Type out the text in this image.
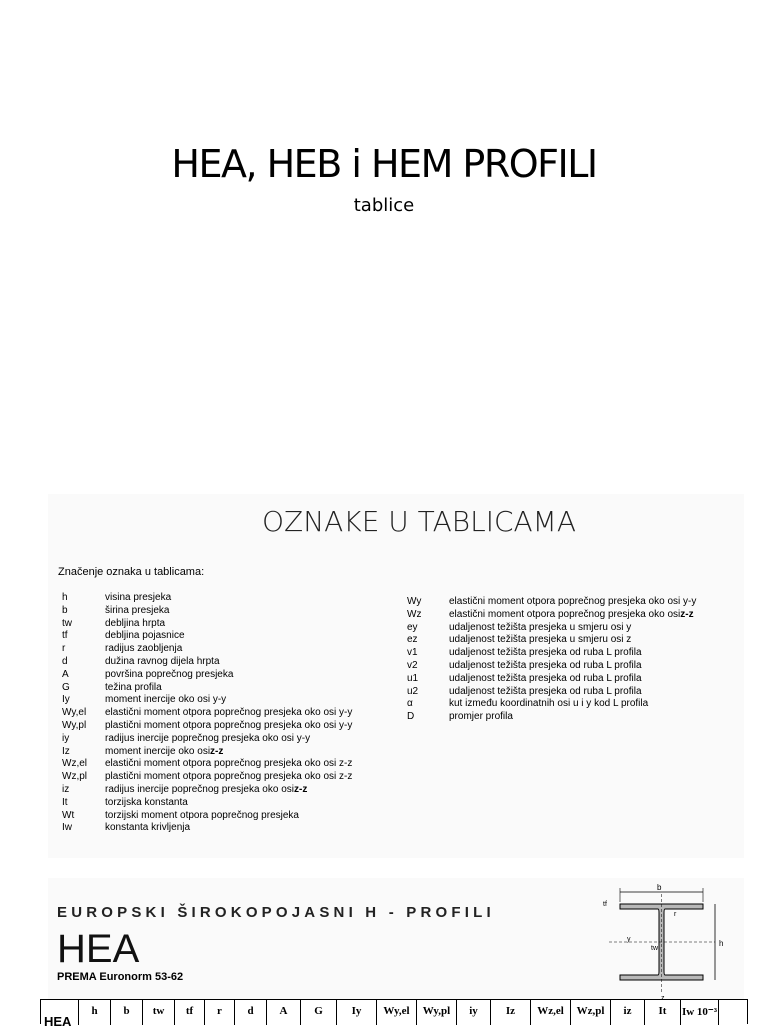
HEA, HEB i HEM PROFILI
tablice
OZNAKE U TABLICAMA
Značenje oznaka u tablicama:
h	visina presjeka
b	širina presjeka
tw	debljina hrpta
tf	debljina pojasnice
r	radijus zaobljenja
d	dužina ravnog dijela hrpta
A	površina poprečnog presjeka
G	težina profila
Iy	moment inercije oko osi y-y
Wy,el	elastični moment otpora poprečnog presjeka oko osi y-y
Wy,pl	plastični moment otpora poprečnog presjeka oko osi y-y
iy	radijus inercije poprečnog presjeka oko osi y-y
Iz	moment inercije oko osi z-z
Wz,el	elastični moment otpora poprečnog presjeka oko osi z-z
Wz,pl	plastični moment otpora poprečnog presjeka oko osi z-z
iz	radijus inercije poprečnog presjeka oko osi z-z
It	torzijska konstanta
Wt	torzijski moment otpora poprečnog presjeka
Iw	konstanta krivljenja
Wy	elastični moment otpora poprečnog presjeka oko osi y-y
Wz	elastični moment otpora poprečnog presjeka oko osi z-z
ey	udaljenost težišta presjeka u smjeru osi y
ez	udaljenost težišta presjeka u smjeru osi z
v1	udaljenost težišta presjeka od ruba L profila
v2	udaljenost težišta presjeka od ruba L profila
u1	udaljenost težišta presjeka od ruba L profila
u2	udaljenost težišta presjeka od ruba L profila
α	kut između koordinatnih osi u i y kod L profila
D	promjer profila
EUROPSKI ŠIROKOPOJASNI H - PROFILI
HEA
PREMA Euronorm 53-62
b
h
tf
r
y
tw
HEA
h	b	tw	tf	r	d	A	G	Iy	Wy,el	Wy,pl	iy	Iz	Wz,el	Wz,pl	iz	It	Iw 10⁻³
